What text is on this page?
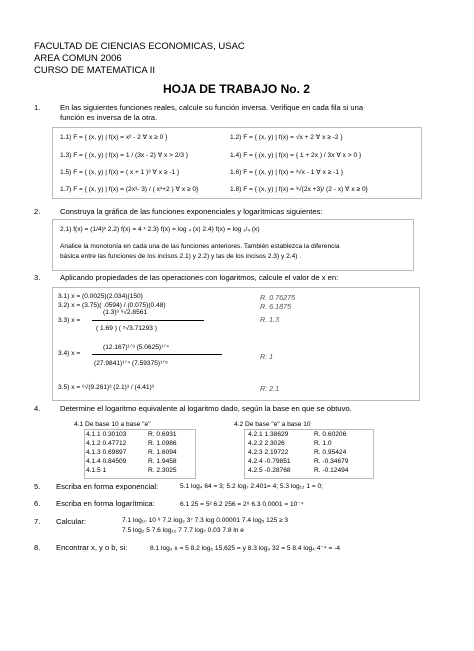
FACULTAD DE CIENCIAS ECONOMICAS, USAC
AREA COMUN 2006
CURSO DE MATEMATICA II
HOJA DE TRABAJO No. 2
1.	En las siguientes funciones reales, calcule su función inversa. Verifique en cada fila si una
función es inversa de la otra.
1.1) F = { (x, y) | f(x) = x² - 2 ∀ x ≥ 0 }	1.2) F = { (x, y) | f(x) = √x + 2 ∀ x ≥ -2 }
1.3) F = { (x, y) | f(x) = 1 / (3x - 2) ∀ x > 2/3 }	1.4) F = { (x, y) | f(x) = { 1 + 2x ) / 3x ∀ x > 0 }
1.5) F = { (x, y) | f(x) = ( x + 1 )³ ∀ x ≥ -1 }	1.6) F = { (x, y) | f(x) = ³√x - 1 ∀ x ≥ -1 }
1.7) F = { (x, y) | f(x) = (2x³- 3) / ( x³+2 ) ∀ x ≥ 0}	1.8) F = { (x, y) | f(x) = ³√(2x +3)/ (2 - x) ∀ x ≥ 0}
2.	Construya la gráfica de las funciones exponenciales y logarítmicas siguientes:
2.1) f(x) = (1/4)ˣ 2.2) f(x) = 4 ˣ 2.3) f(x) = log ₄ (x) 2.4) f(x) = log ₁/₄ (x)
Analice la monotonía en cada una de las funciones anteriores. También establezca la diferencia
básica entre las funciones de los incisos 2.1) y 2.2) y las de los incisos 2.3) y 2.4) .
3.	Aplicando propiedades de las operaciones con logaritmos, calcule el valor de x en:
3.1) x = (0.0025)(2.034)(150)
3.2) x = (3.75)( .0594) / (0.075)(0.48)
R. 0.76275
R. 6.1875
3.3) x =
(1.3)³ ⁶√2.8561
( 1.69 ) ( ⁵√3.71293 )
R. 1.3
3.4) x =
(12.167)¹ᐟ³ (5.0625)¹ᐟ⁴
(27.9841)¹ᐟ⁴ (7.59375)¹ᐟ⁵
R: 1
3.5) x = ⁶√(9.261)³ (2.1)³ / (4.41)³	R: 2.1
4.	Determine el logaritmo equivalente al logaritmo dado, según la base en que se obtuvo.
4.1 De base 10 a base "e"	4.2 De base "e" a base 10
4.1.1 0.30103	R. 0.6931
4.1.2 0.47712	R. 1.0986
4.1.3 0.69897	R. 1.6094
4.1.4 0.84509	R. 1.9458
4.1.5 1	R. 2.3025
4.2.1 1.38629	R. 0.60206
4.2.2 2.3026	R. 1.0
4.2.3 2.19722	R. 0.95424
4.2.4 -0.79851	R. -0.34679
4.2.5 -0.28768	R. -0.12494
5. Escriba en forma exponencial:	5.1 log₄ 64 = 3; 5.2 log₇ 2.401= 4; 5.3 log₁₂ 1 = 0;
6. Escriba en forma logarítmica:	6.1 25 = 5² 6.2 256 = 2⁸ 6.3 0.0001 = 10⁻⁴
7. Calcular:	7.1 log₁₀ 10 ⁸ 7.2 log₃ 3⁷ 7.3 log 0.00001 7.4 log₅ 125 ≥ 3
7.5 log₂ 5 7.6 log₁₀ 7 7.7 log₇ 0.03 7.8 ln e
8. Encontrar x, y o b, si:	8.1 log₃ x = 5 8.2 log₅ 15,625 = y 8.3 log₃ 32 = 5 8.4 log₄ 4⁻⁴ = -4
